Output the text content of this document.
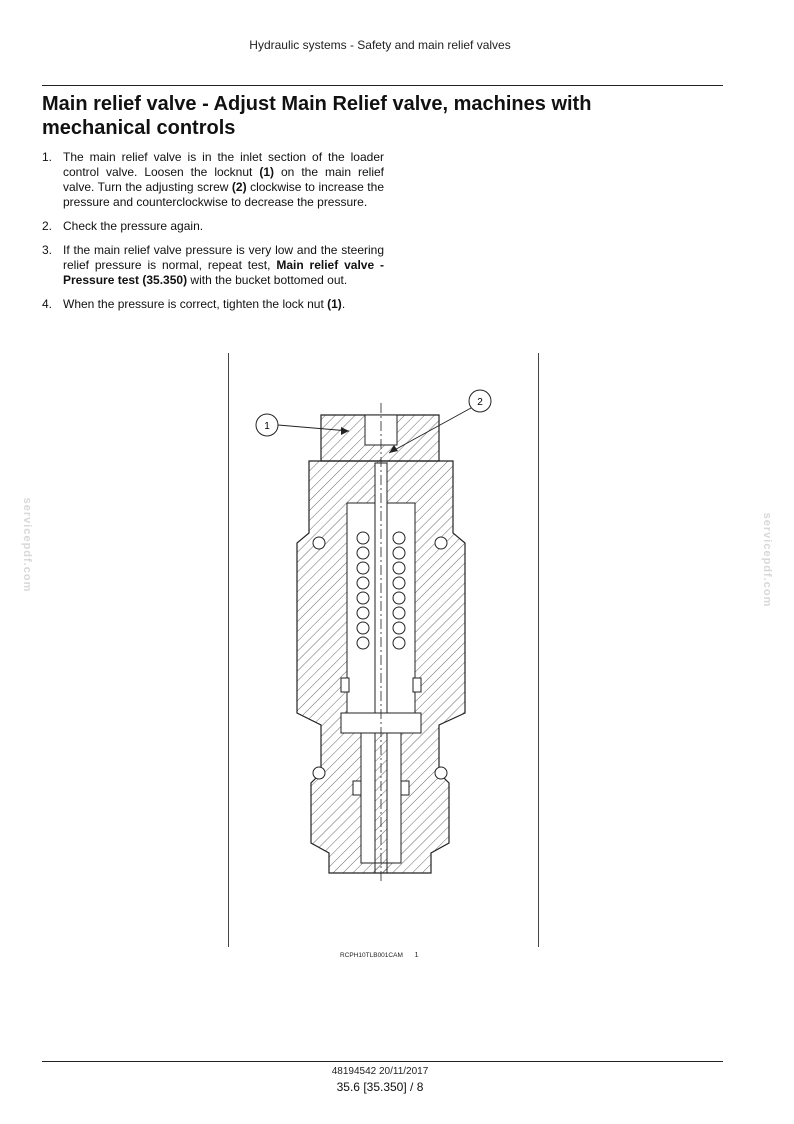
Hydraulic systems - Safety and main relief valves
Main relief valve - Adjust Main Relief valve, machines with mechanical controls
1. The main relief valve is in the inlet section of the loader control valve. Loosen the locknut (1) on the main relief valve. Turn the adjusting screw (2) clockwise to increase the pressure and counterclockwise to decrease the pressure.
2. Check the pressure again.
3. If the main relief valve pressure is very low and the steering relief pressure is normal, repeat test, Main relief valve - Pressure test (35.350) with the bucket bottomed out.
4. When the pressure is correct, tighten the lock nut (1).
1
2
RCPH10TLB001CAM 1
servicepdf.com	servicepdf.com
48194542 20/11/2017
35.6 [35.350] / 8
